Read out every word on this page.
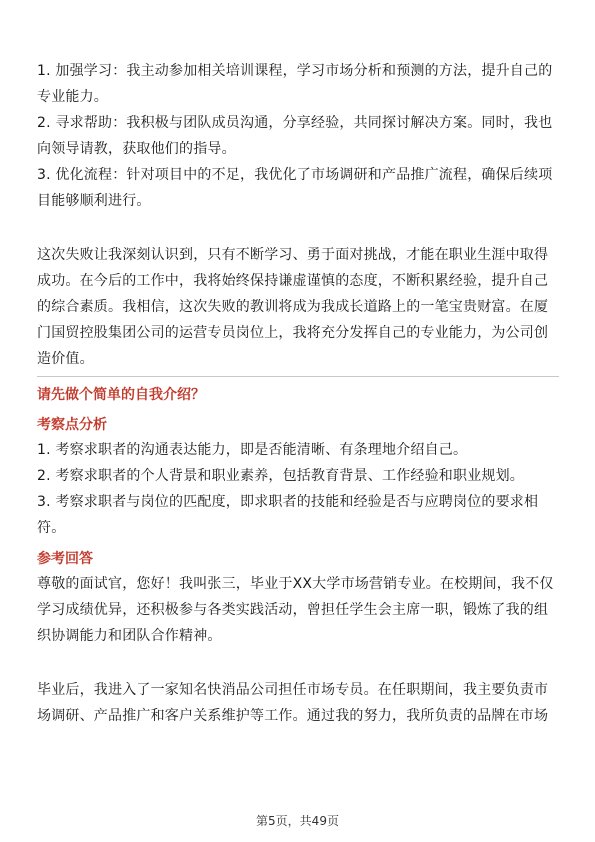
1. 加强学习：我主动参加相关培训课程，学习市场分析和预测的方法，提升自己的专业能力。

2. 寻求帮助：我积极与团队成员沟通，分享经验，共同探讨解决方案。同时，我也向领导请教，获取他们的指导。

3. 优化流程：针对项目中的不足，我优化了市场调研和产品推广流程，确保后续项目能够顺利进行。

这次失败让我深刻认识到，只有不断学习、勇于面对挑战，才能在职业生涯中取得成功。在今后的工作中，我将始终保持谦虚谨慎的态度，不断积累经验，提升自己的综合素质。我相信，这次失败的教训将成为我成长道路上的一笔宝贵财富。在厦门国贸控股集团公司的运营专员岗位上，我将充分发挥自己的专业能力，为公司创造价值。

请先做个简单的自我介绍？

考察点分析

1. 考察求职者的沟通表达能力，即是否能清晰、有条理地介绍自己。

2. 考察求职者的个人背景和职业素养，包括教育背景、工作经验和职业规划。

3. 考察求职者与岗位的匹配度，即求职者的技能和经验是否与应聘岗位的要求相符。

参考回答

尊敬的面试官，您好！我叫张三，毕业于XX大学市场营销专业。在校期间，我不仅学习成绩优异，还积极参与各类实践活动，曾担任学生会主席一职，锻炼了我的组织协调能力和团队合作精神。

毕业后，我进入了一家知名快消品公司担任市场专员。在任职期间，我主要负责市场调研、产品推广和客户关系维护等工作。通过我的努力，我所负责的品牌在市场

第5页，共49页
